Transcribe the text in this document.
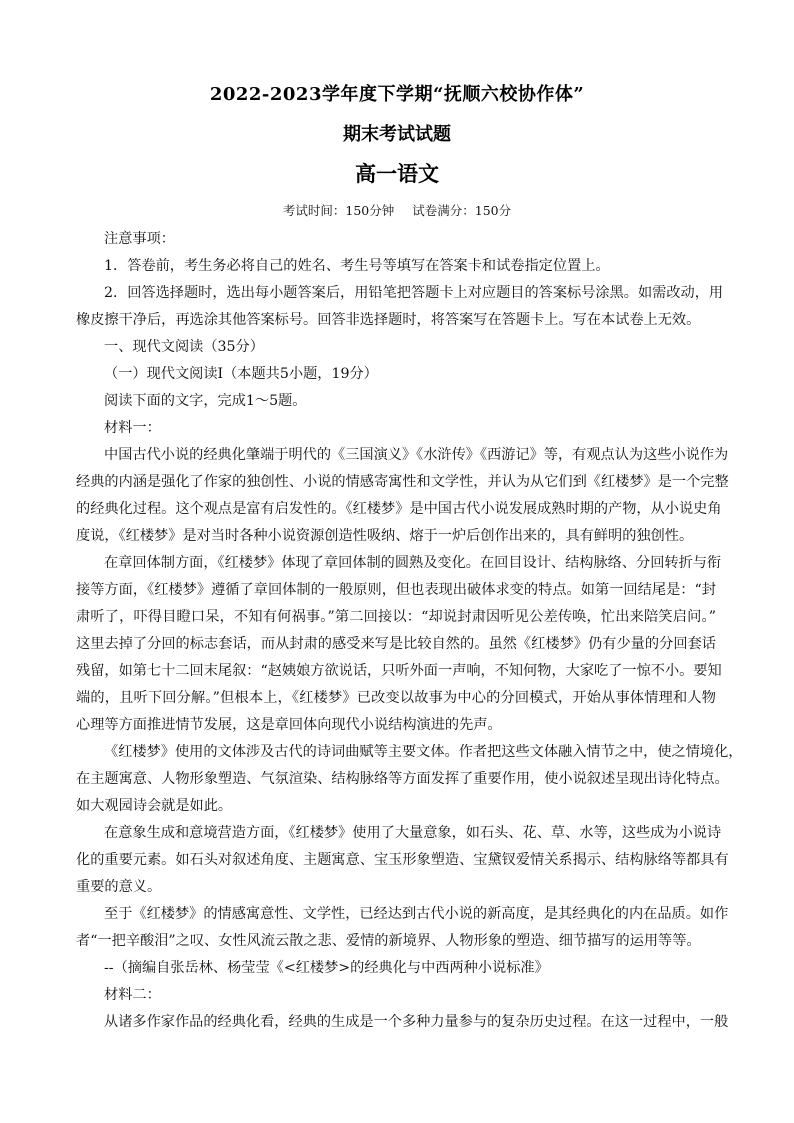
2022-2023学年度下学期“抚顺六校协作体”
期末考试试题
高一语文
考试时间：150分钟 试卷满分：150分
注意事项：
1．答卷前，考生务必将自己的姓名、考生号等填写在答案卡和试卷指定位置上。
2．回答选择题时，选出每小题答案后，用铅笔把答题卡上对应题目的答案标号涂黑。如需改动，用
橡皮擦干净后，再选涂其他答案标号。回答非选择题时，将答案写在答题卡上。写在本试卷上无效。
一、现代文阅读（35分）
（一）现代文阅读I（本题共5小题，19分）
阅读下面的文字，完成1～5题。
材料一：
中国古代小说的经典化肇端于明代的《三国演义》《水浒传》《西游记》等，有观点认为这些小说作为
经典的内涵是强化了作家的独创性、小说的情感寄寓性和文学性，并认为从它们到《红楼梦》是一个完整
的经典化过程。这个观点是富有启发性的。《红楼梦》是中国古代小说发展成熟时期的产物，从小说史角
度说，《红楼梦》是对当时各种小说资源创造性吸纳、熔于一炉后创作出来的，具有鲜明的独创性。
在章回体制方面，《红楼梦》体现了章回体制的圆熟及变化。在回目设计、结构脉络、分回转折与衔
接等方面，《红楼梦》遵循了章回体制的一般原则，但也表现出破体求变的特点。如第一回结尾是：“封
肃听了，吓得目瞪口呆，不知有何祸事。”第二回接以：“却说封肃因听见公差传唤，忙出来陪笑启问。”
这里去掉了分回的标志套话，而从封肃的感受来写是比较自然的。虽然《红楼梦》仍有少量的分回套话
残留，如第七十二回末尾叙：“赵姨娘方欲说话，只听外面一声响，不知何物，大家吃了一惊不小。要知
端的，且听下回分解。”但根本上，《红楼梦》已改变以故事为中心的分回模式，开始从事体情理和人物
心理等方面推进情节发展，这是章回体向现代小说结构演进的先声。
《红楼梦》使用的文体涉及古代的诗词曲赋等主要文体。作者把这些文体融入情节之中，使之情境化，
在主题寓意、人物形象塑造、气氛渲染、结构脉络等方面发挥了重要作用，使小说叙述呈现出诗化特点。
如大观园诗会就是如此。
在意象生成和意境营造方面，《红楼梦》使用了大量意象，如石头、花、草、水等，这些成为小说诗
化的重要元素。如石头对叙述角度、主题寓意、宝玉形象塑造、宝黛钗爱情关系揭示、结构脉络等都具有
重要的意义。
至于《红楼梦》的情感寓意性、文学性，已经达到古代小说的新高度，是其经典化的内在品质。如作
者“一把辛酸泪”之叹、女性风流云散之悲、爱情的新境界、人物形象的塑造、细节描写的运用等等。
--（摘编自张岳林、杨莹莹《<红楼梦>的经典化与中西两种小说标准》
材料二：
从诸多作家作品的经典化看，经典的生成是一个多种力量参与的复杂历史过程。在这一过程中，一般
